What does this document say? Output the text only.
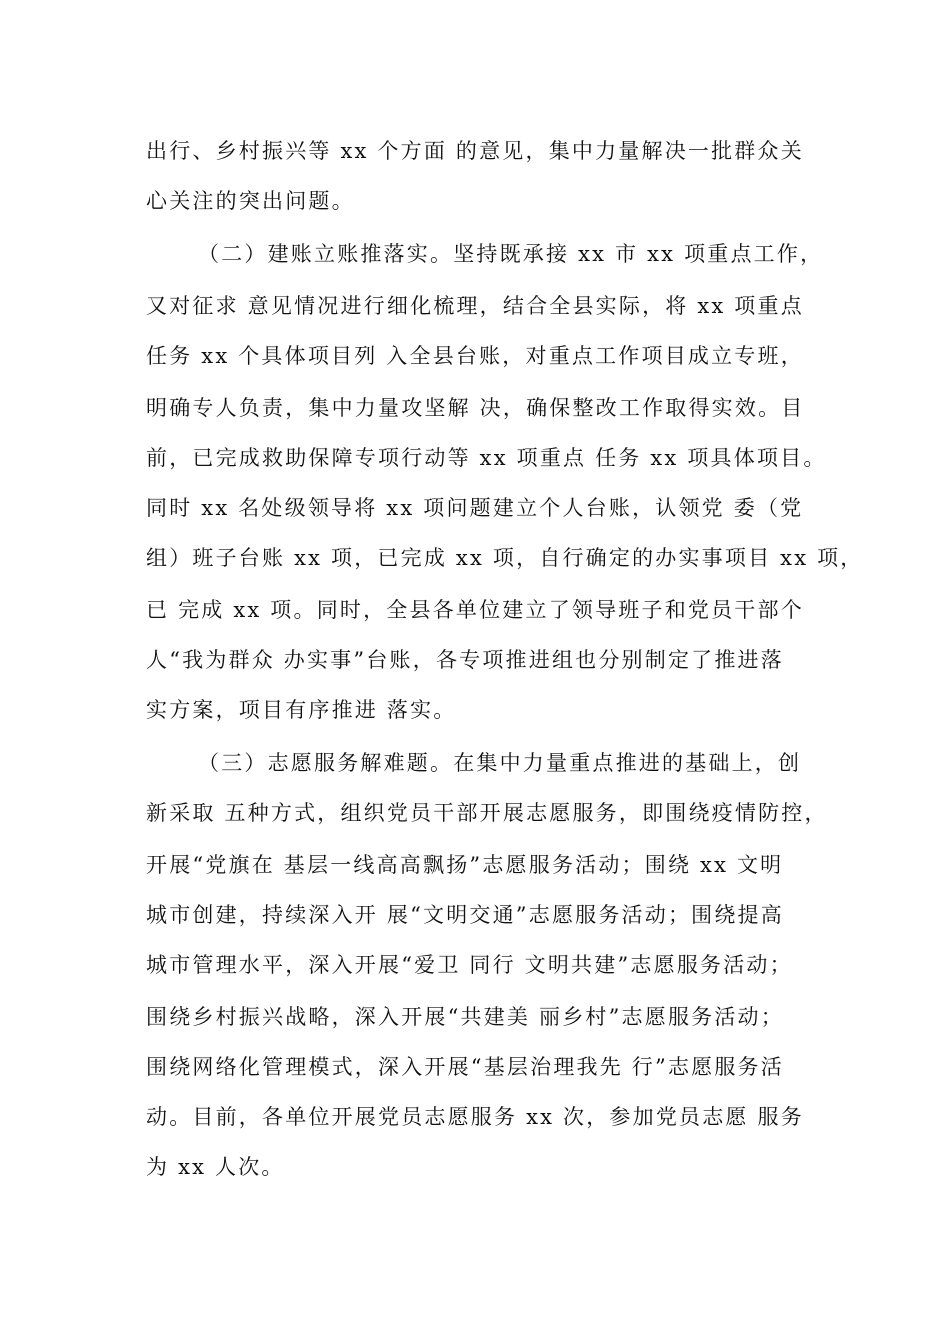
出行、乡村振兴等 xx 个方面 的意见，集中力量解决一批群众关
心关注的突出问题。
（二）建账立账推落实。坚持既承接 xx 市 xx 项重点工作，
又对征求 意见情况进行细化梳理，结合全县实际，将 xx 项重点
任务 xx 个具体项目列 入全县台账，对重点工作项目成立专班，
明确专人负责，集中力量攻坚解 决，确保整改工作取得实效。目
前，已完成救助保障专项行动等 xx 项重点 任务 xx 项具体项目。
同时 xx 名处级领导将 xx 项问题建立个人台账，认领党 委（党
组）班子台账 xx 项，已完成 xx 项，自行确定的办实事项目 xx 项，
已 完成 xx 项。同时，全县各单位建立了领导班子和党员干部个
人“我为群众 办实事”台账，各专项推进组也分别制定了推进落
实方案，项目有序推进 落实。
（三）志愿服务解难题。在集中力量重点推进的基础上，创
新采取 五种方式，组织党员干部开展志愿服务，即围绕疫情防控，
开展“党旗在 基层一线高高飘扬”志愿服务活动；围绕 xx 文明
城市创建，持续深入开 展“文明交通”志愿服务活动；围绕提高
城市管理水平，深入开展“爱卫 同行 文明共建”志愿服务活动；
围绕乡村振兴战略，深入开展“共建美 丽乡村”志愿服务活动；
围绕网络化管理模式，深入开展“基层治理我先 行”志愿服务活
动。目前，各单位开展党员志愿服务 xx 次，参加党员志愿 服务
为 xx 人次。
